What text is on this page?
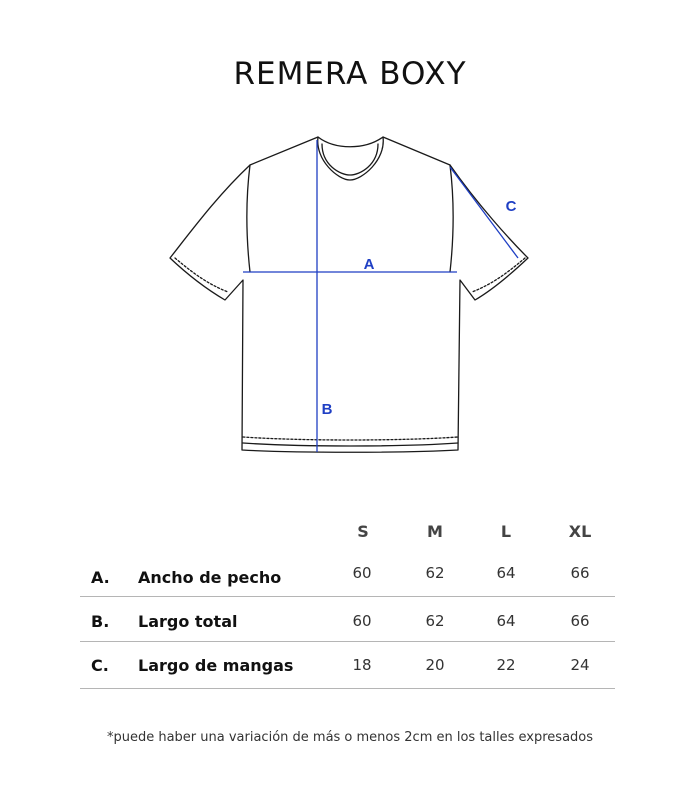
REMERA BOXY
A
B
C
S	M	L	XL
A. Ancho de pecho	60	62	64	66
B. Largo total	60	62	64	66
C. Largo de mangas	18	20	22	24
*puede haber una variación de más o menos 2cm en los talles expresados
